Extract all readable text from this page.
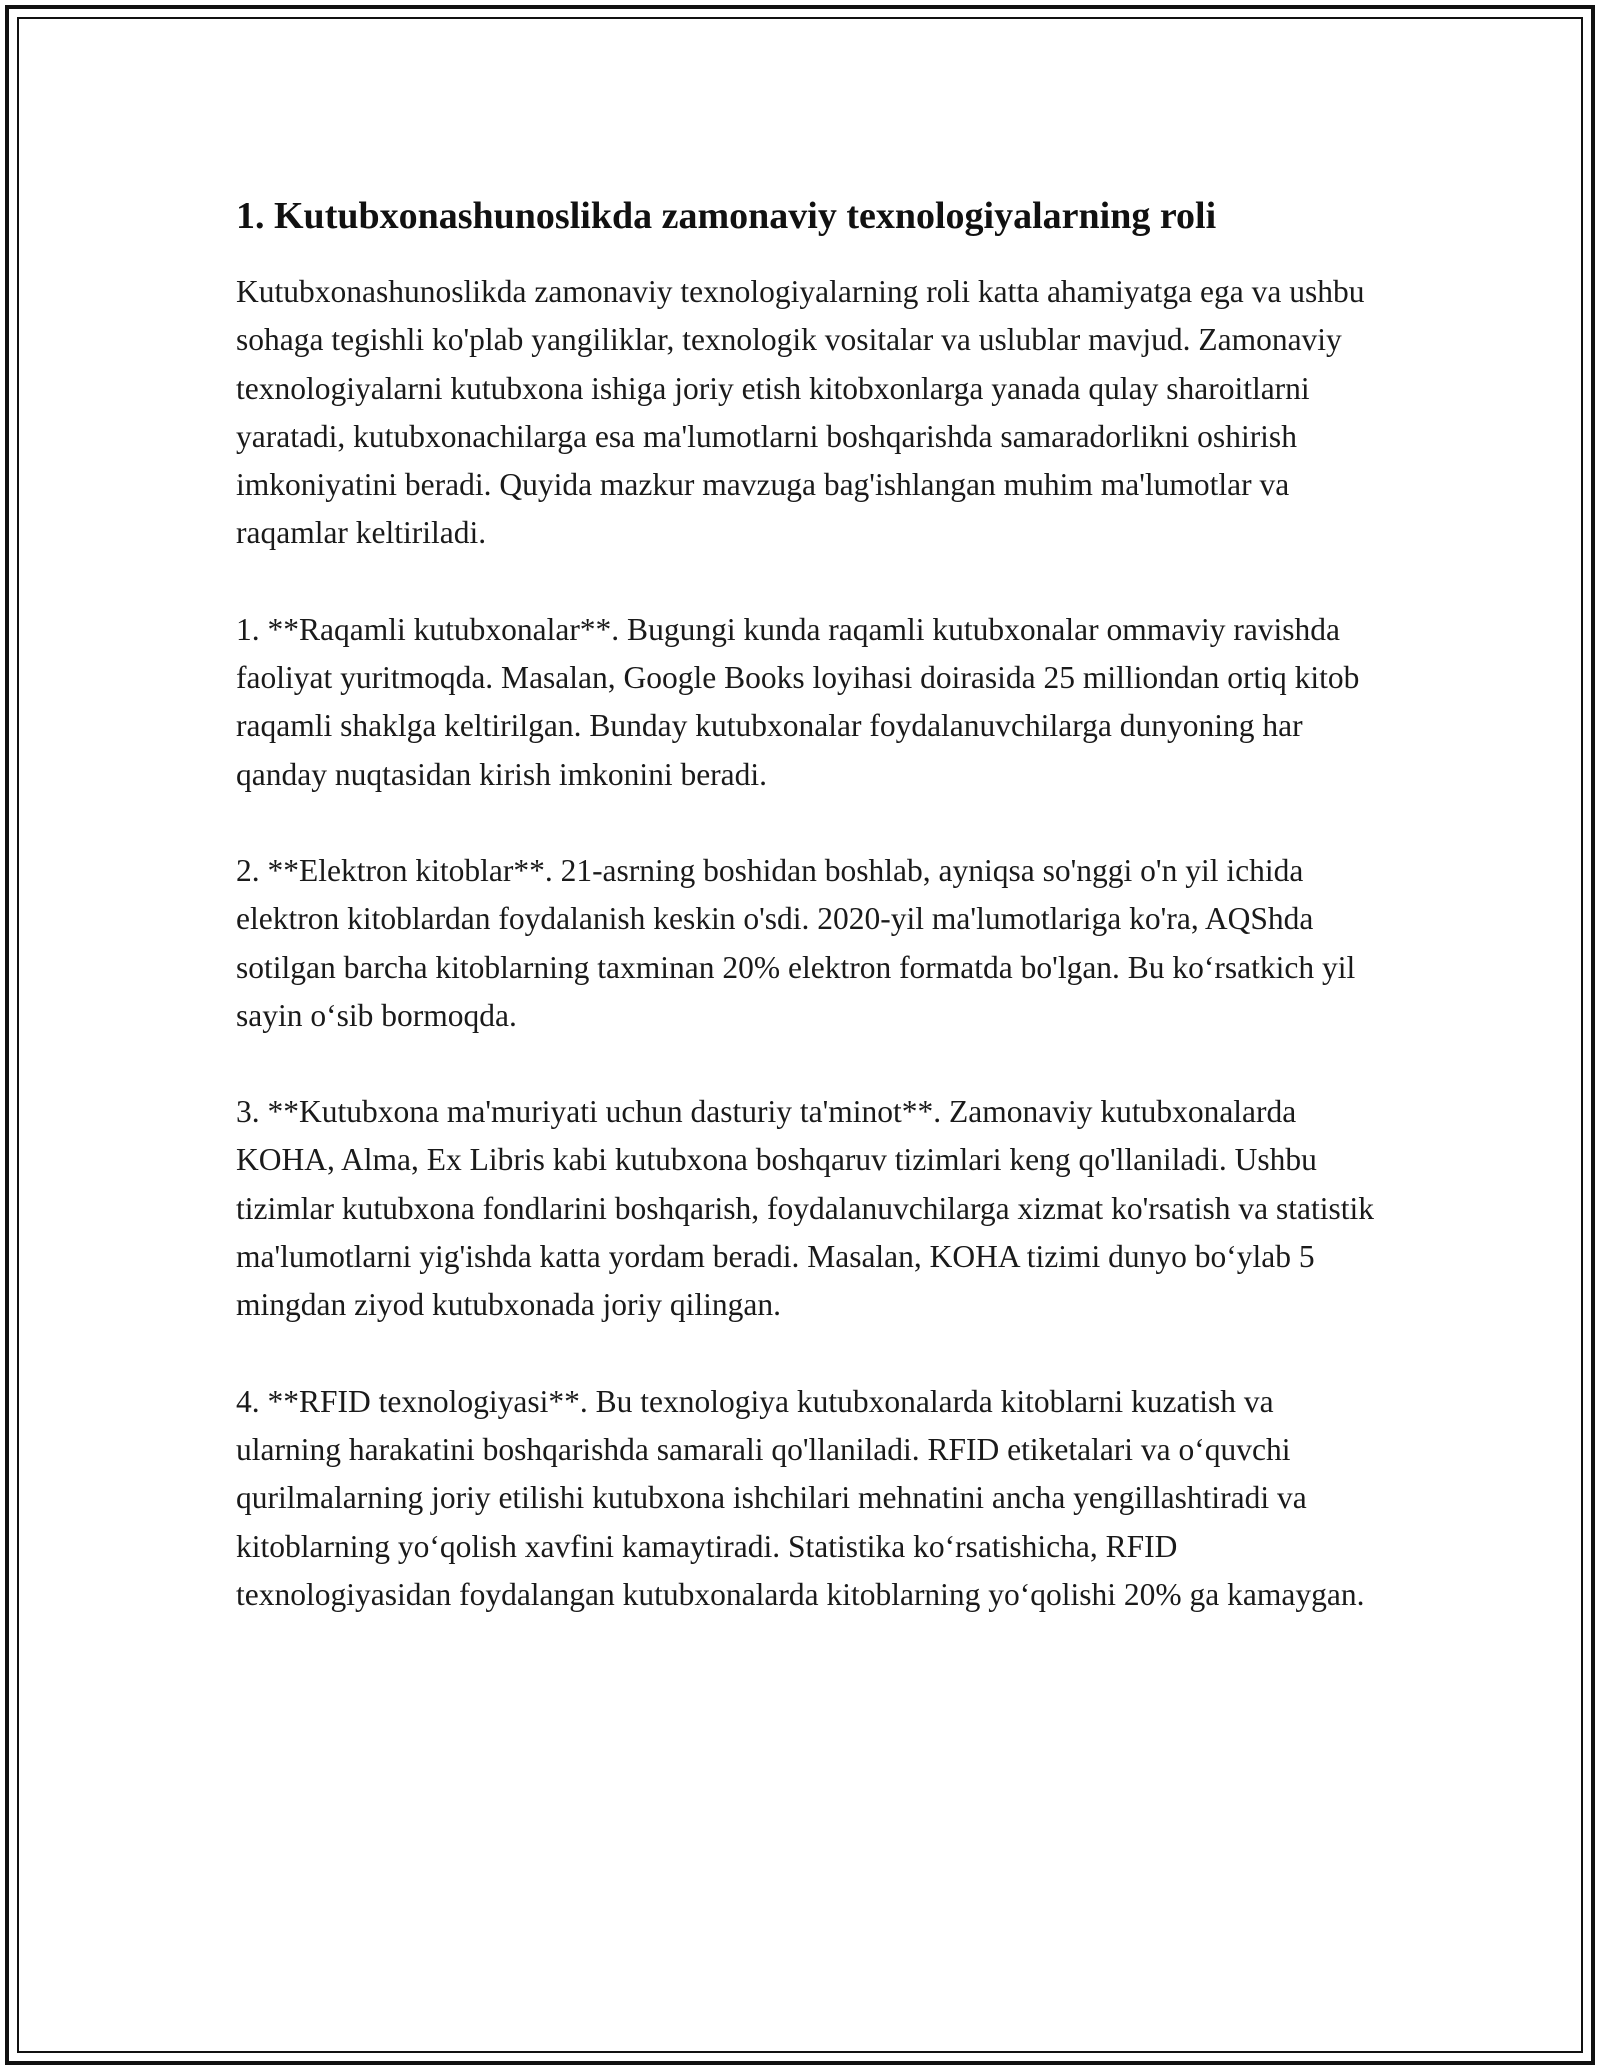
1. Kutubxonashunoslikda zamonaviy texnologiyalarning roli

Kutubxonashunoslikda zamonaviy texnologiyalarning roli katta ahamiyatga ega va ushbu sohaga tegishli ko'plab yangiliklar, texnologik vositalar va uslublar mavjud. Zamonaviy texnologiyalarni kutubxona ishiga joriy etish kitobxonlarga yanada qulay sharoitlarni yaratadi, kutubxonachilarga esa ma'lumotlarni boshqarishda samaradorlikni oshirish imkoniyatini beradi. Quyida mazkur mavzuga bag'ishlangan muhim ma'lumotlar va raqamlar keltiriladi.

1. **Raqamli kutubxonalar**. Bugungi kunda raqamli kutubxonalar ommaviy ravishda faoliyat yuritmoqda. Masalan, Google Books loyihasi doirasida 25 milliondan ortiq kitob raqamli shaklga keltirilgan. Bunday kutubxonalar foydalanuvchilarga dunyoning har qanday nuqtasidan kirish imkonini beradi.

2. **Elektron kitoblar**. 21-asrning boshidan boshlab, ayniqsa so'nggi o'n yil ichida elektron kitoblardan foydalanish keskin o'sdi. 2020-yil ma'lumotlariga ko'ra, AQShda sotilgan barcha kitoblarning taxminan 20% elektron formatda bo'lgan. Bu koʻrsatkich yil sayin oʻsib bormoqda.

3. **Kutubxona ma'muriyati uchun dasturiy ta'minot**. Zamonaviy kutubxonalarda KOHA, Alma, Ex Libris kabi kutubxona boshqaruv tizimlari keng qo'llaniladi. Ushbu tizimlar kutubxona fondlarini boshqarish, foydalanuvchilarga xizmat ko'rsatish va statistik ma'lumotlarni yig'ishda katta yordam beradi. Masalan, KOHA tizimi dunyo boʻylab 5 mingdan ziyod kutubxonada joriy qilingan.

4. **RFID texnologiyasi**. Bu texnologiya kutubxonalarda kitoblarni kuzatish va ularning harakatini boshqarishda samarali qo'llaniladi. RFID etiketalari va oʻquvchi qurilmalarning joriy etilishi kutubxona ishchilari mehnatini ancha yengillashtiradi va kitoblarning yoʻqolish xavfini kamaytiradi. Statistika koʻrsatishicha, RFID texnologiyasidan foydalangan kutubxonalarda kitoblarning yoʻqolishi 20% ga kamaygan.
